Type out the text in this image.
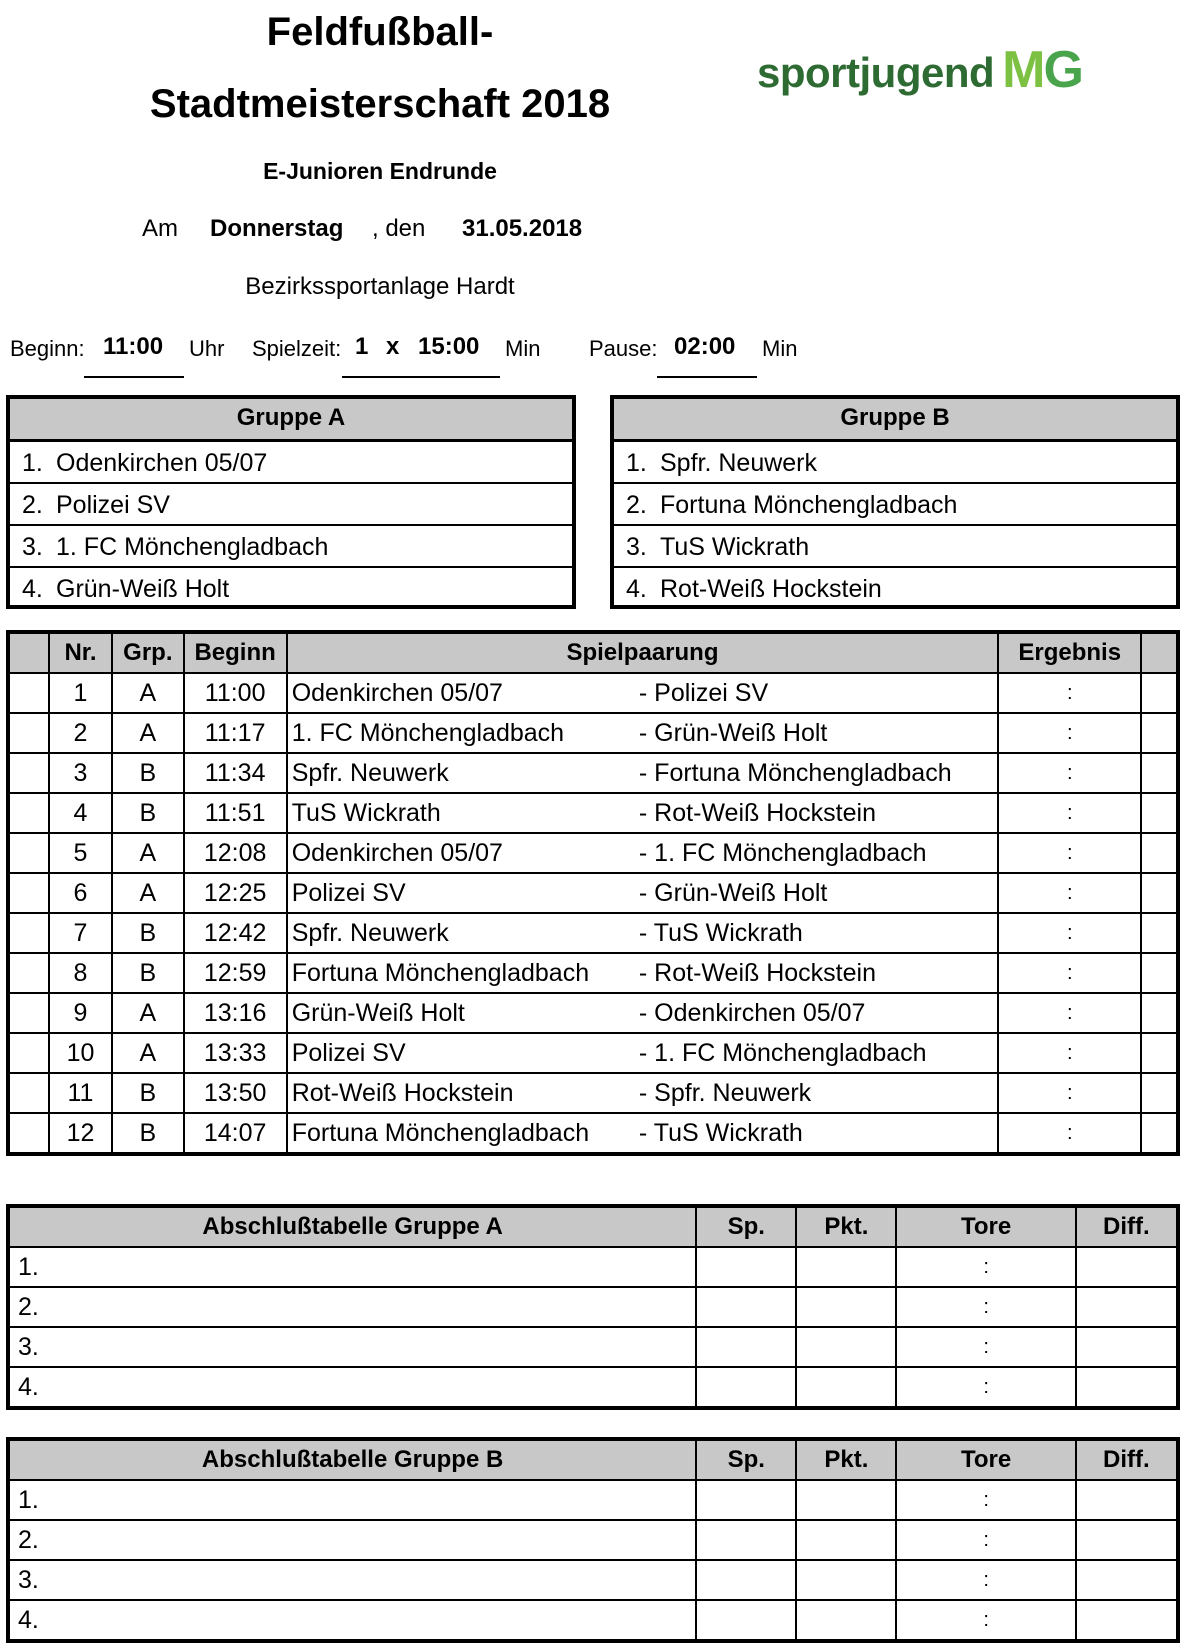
Feldfußball-
Stadtmeisterschaft 2018
E-Junioren Endrunde
sportjugend MG
Am Donnerstag , den 31.05.2018
Bezirkssportanlage Hardt
Beginn: 11:00 Uhr Spielzeit: 1 x 15:00 Min Pause: 02:00 Min
Gruppe A
1. Odenkirchen 05/07
2. Polizei SV
3. 1. FC Mönchengladbach
4. Grün-Weiß Holt
Gruppe B
1. Spfr. Neuwerk
2. Fortuna Mönchengladbach
3. TuS Wickrath
4. Rot-Weiß Hockstein
	Nr.	Grp.	Beginn	Spielpaarung		Ergebnis	
	1	A	11:00	Odenkirchen 05/07	- Polizei SV	:	
	2	A	11:17	1. FC Mönchengladbach	- Grün-Weiß Holt	:	
	3	B	11:34	Spfr. Neuwerk	- Fortuna Mönchengladbach	:	
	4	B	11:51	TuS Wickrath	- Rot-Weiß Hockstein	:	
	5	A	12:08	Odenkirchen 05/07	- 1. FC Mönchengladbach	:	
	6	A	12:25	Polizei SV	- Grün-Weiß Holt	:	
	7	B	12:42	Spfr. Neuwerk	- TuS Wickrath	:	
	8	B	12:59	Fortuna Mönchengladbach	- Rot-Weiß Hockstein	:	
	9	A	13:16	Grün-Weiß Holt	- Odenkirchen 05/07	:	
	10	A	13:33	Polizei SV	- 1. FC Mönchengladbach	:	
	11	B	13:50	Rot-Weiß Hockstein	- Spfr. Neuwerk	:	
	12	B	14:07	Fortuna Mönchengladbach	- TuS Wickrath	:	
Abschlußtabelle Gruppe A	Sp.	Pkt.	Tore	Diff.
1.			:	
2.			:	
3.			:	
4.			:	
Abschlußtabelle Gruppe B	Sp.	Pkt.	Tore	Diff.
1.			:	
2.			:	
3.			:	
4.			:	
